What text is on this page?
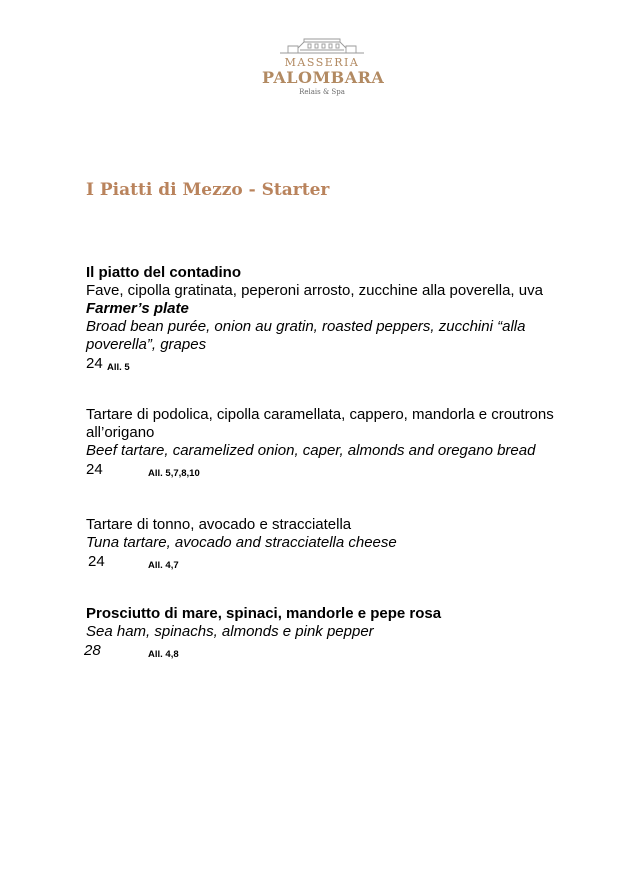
MASSERIA
PALOMBARA
Relais & Spa
I Piatti di Mezzo - Starter
Il piatto del contadino
Fave, cipolla gratinata, peperoni arrosto, zucchine alla poverella, uva
Farmer’s plate
Broad bean purée, onion au gratin, roasted peppers, zucchini “alla poverella”, grapes
24 All. 5
Tartare di podolica, cipolla caramellata, cappero, mandorla e croutrons all’origano
Beef tartare, caramelized onion, caper, almonds and oregano bread
24	All. 5,7,8,10
Tartare di tonno, avocado e stracciatella
Tuna tartare, avocado and stracciatella cheese
24	All. 4,7
Prosciutto di mare, spinaci, mandorle e pepe rosa
Sea ham, spinachs, almonds e pink pepper
28	All. 4,8
